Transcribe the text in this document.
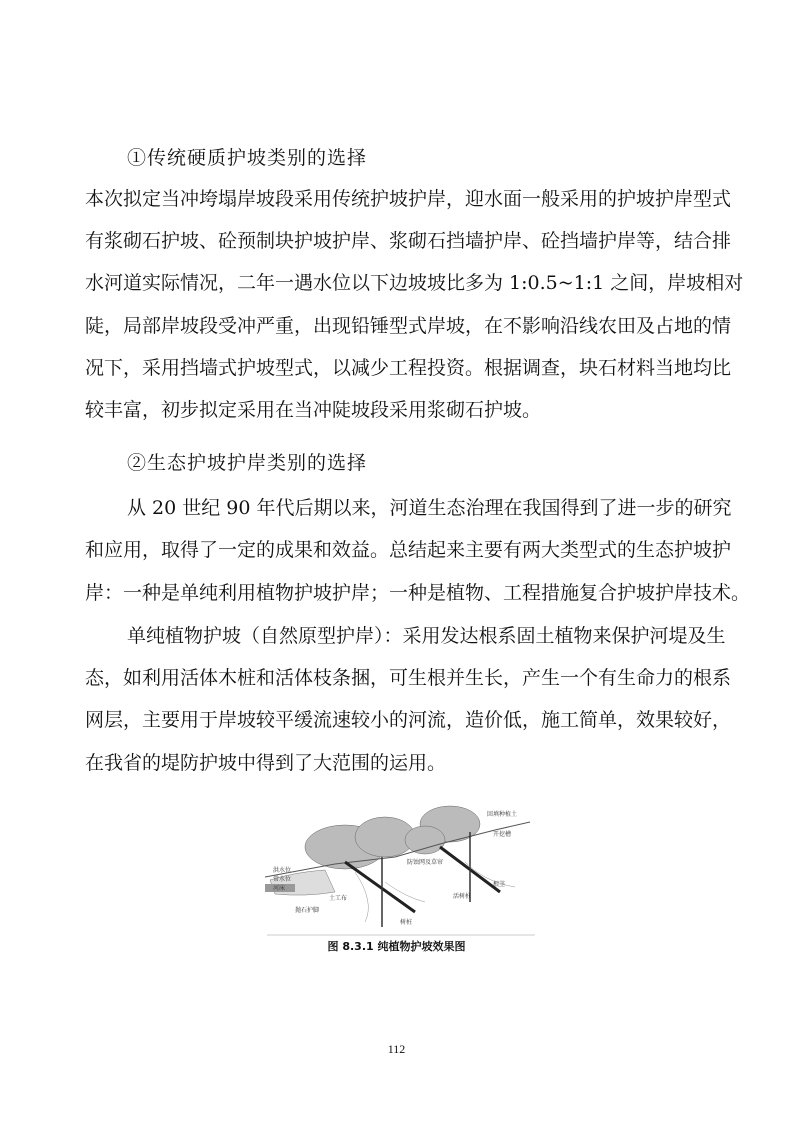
①传统硬质护坡类别的选择
本次拟定当冲垮塌岸坡段采用传统护坡护岸，迎水面一般采用的护坡护岸型式
有浆砌石护坡、砼预制块护坡护岸、浆砌石挡墙护岸、砼挡墙护岸等，结合排
水河道实际情况，二年一遇水位以下边坡坡比多为 1:0.5~1:1 之间，岸坡相对
陡，局部岸坡段受冲严重，出现铅锤型式岸坡，在不影响沿线农田及占地的情
况下，采用挡墙式护坡型式，以减少工程投资。根据调查，块石材料当地均比
较丰富，初步拟定采用在当冲陡坡段采用浆砌石护坡。
②生态护坡护岸类别的选择
从 20 世纪 90 年代后期以来，河道生态治理在我国得到了进一步的研究
和应用，取得了一定的成果和效益。总结起来主要有两大类型式的生态护坡护
岸：一种是单纯利用植物护坡护岸；一种是植物、工程措施复合护坡护岸技术。
单纯植物护坡（自然原型护岸）：采用发达根系固土植物来保护河堤及生
态，如利用活体木桩和活体枝条捆，可生根并生长，产生一个有生命力的根系
网层，主要用于岸坡较平缓流速较小的河流，造价低，施工简单，效果较好，
在我省的堤防护坡中得到了大范围的运用。
回填种植土
开挖槽
防蚀网及草帘
洪水位
常水位
河床
土工布
抛石护脚
活树桩
树桩
根茎
图 8.3.1 纯植物护坡效果图
112
